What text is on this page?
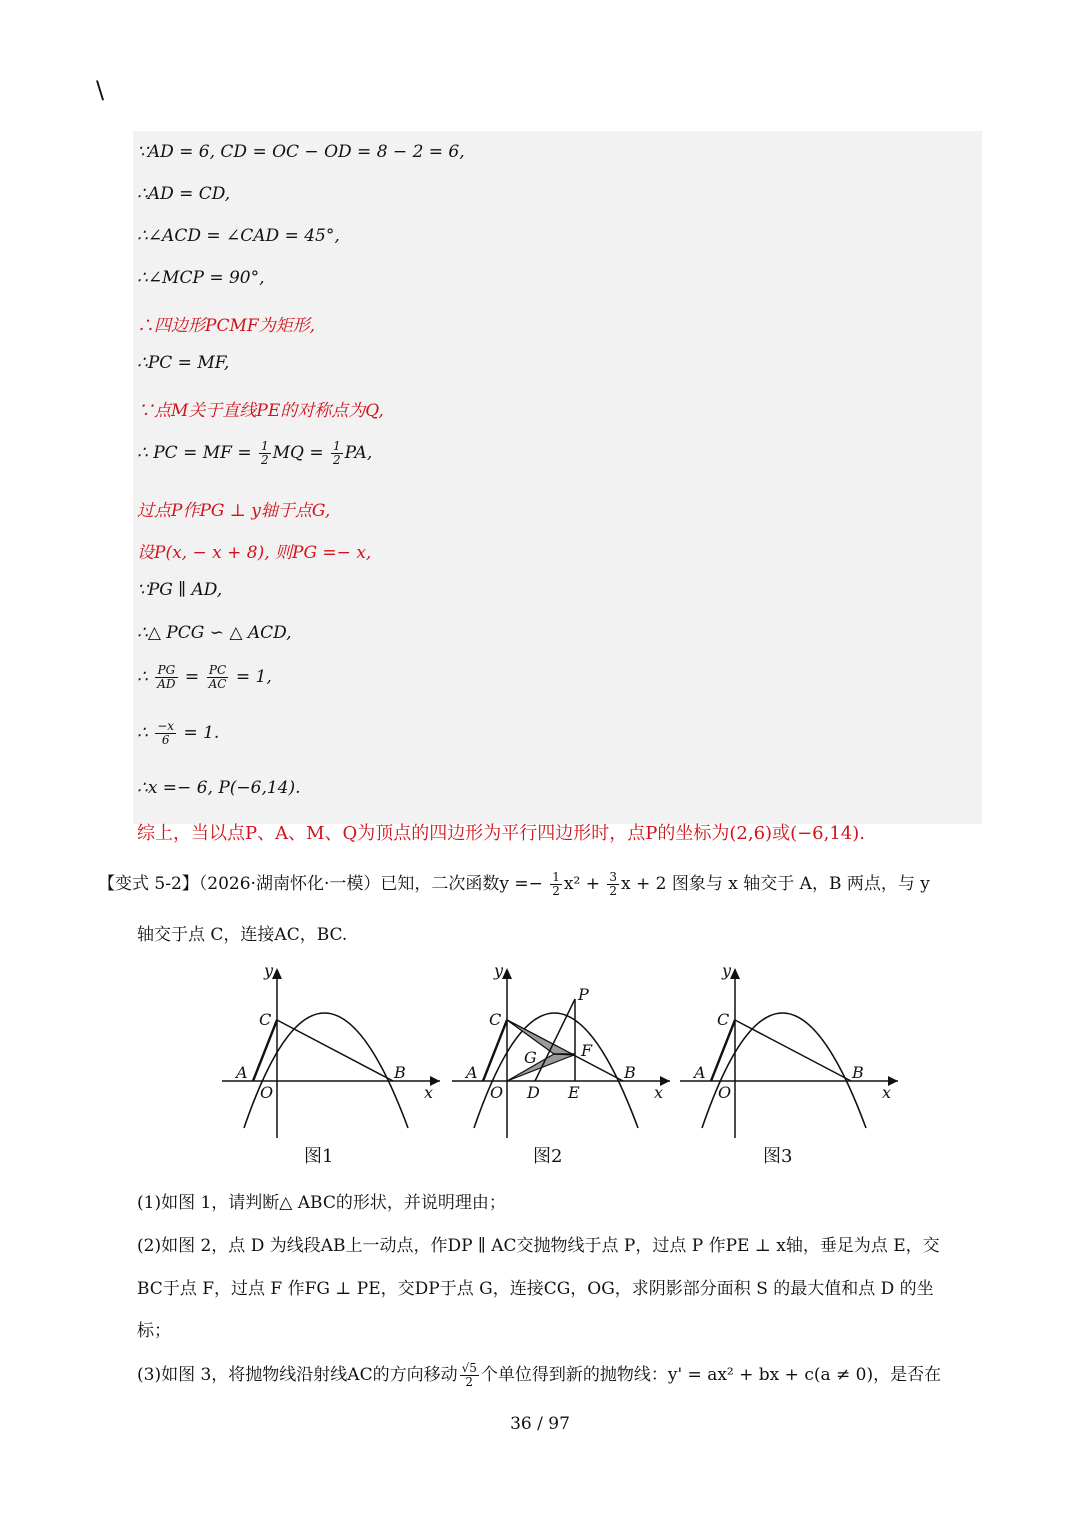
\
∵AD = 6, CD = OC − OD = 8 − 2 = 6,
∴AD = CD,
∴∠ACD = ∠CAD = 45°,
∴∠MCP = 90°,
∴四边形PCMF为矩形,
∴PC = MF,
∵点M关于直线PE的对称点为Q,
∴ PC = MF = $\frac{1}{2}$ MQ = $\frac{1}{2}$ PA,
过点P作PG ⊥ y轴于点G,
设P(x, − x + 8), 则PG =− x,
∵PG ∥ AD,
∴△ PCG ∽ △ ACD,
∴ $\frac{PG}{AD} = \frac{PC}{AC} = 1$,
∴ $\frac{-x}{6} = 1$.
∴x =− 6, P(−6,14).
综上，当以点P、A、M、Q为顶点的四边形为平行四边形时，点P的坐标为(2,6)或(−6,14).
【变式 5-2】（2026·湖南怀化·一模）已知，二次函数$y =- \frac{1}{2} x^2 + \frac{3}{2}$ x + 2 图象与 x 轴交于 A，B 两点，与 y
轴交于点 C，连接AC，BC.
y
x
O
A	B
C
y
x
O
A	B
C
P
F
G
D E
y
x
O
A	B
C
图1	图2	图3
(1)如图 1，请判断△ ABC的形状，并说明理由；
(2)如图 2，点 D 为线段AB上一动点，作DP ∥ AC交抛物线于点 P，过点 P 作PE ⊥ x轴，垂足为点 E，交
BC于点 F，过点 F 作FG ⊥ PE，交DP于点 G，连接CG，OG，求阴影部分面积 S 的最大值和点 D 的坐
标；
(3)如图 3，将抛物线沿射线AC的方向移动 $\frac{√5}{2}$ 个单位得到新的抛物线：y' = ax² + bx + c(a ≠ 0)，是否在
36 / 97
